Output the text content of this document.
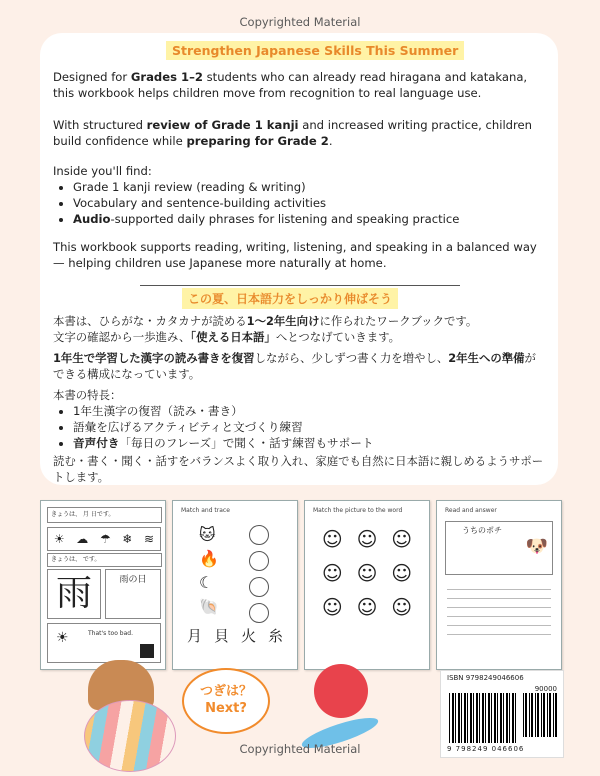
Copyrighted Material
Strengthen Japanese Skills This Summer

Designed for Grades 1–2 students who can already read hiragana and katakana, this workbook helps children move from recognition to real language use.

With structured review of Grade 1 kanji and increased writing practice, children build confidence while preparing for Grade 2.

Inside you'll find:

• Grade 1 kanji review (reading & writing)
• Vocabulary and sentence-building activities
• Audio-supported daily phrases for listening and speaking practice

This workbook supports reading, writing, listening, and speaking in a balanced way — helping children use Japanese more naturally at home.

この夏、日本語力をしっかり伸ばそう

本書は、ひらがな・カタカナが読める1〜2年生向けに作られたワークブックです。
文字の確認から一歩進み、「使える日本語」へとつなげていきます。

1年生で学習した漢字の読み書きを復習しながら、少しずつ書く力を増やし、2年生への準備が
できる構成になっています。

本書の特長：

• 1年生漢字の復習（読み・書き）
• 語彙を広げるアクティビティと文づくり練習
• 音声付き「毎日のフレーズ」で聞く・話す練習もサポート

読む・書く・聞く・話すをバランスよく取り入れ、家庭でも自然に日本語に親しめるようサポートします。

きょうは、 月 日です。
☀ ☁ ☂ ❄ ≋
きょうは、 です。
雨	雨の日
☀	That's too bad.
Match and trace
🐱
🔥
☾
🐚
月 貝 火 糸
Match the picture to the word
☺ ☺ ☺
☺ ☺ ☺
☺ ☺ ☺
Read and answer
うちのポチ
🐶
つぎは？
Next?
ISBN 9798249046606
90000
9 798249 046606
Copyrighted Material
